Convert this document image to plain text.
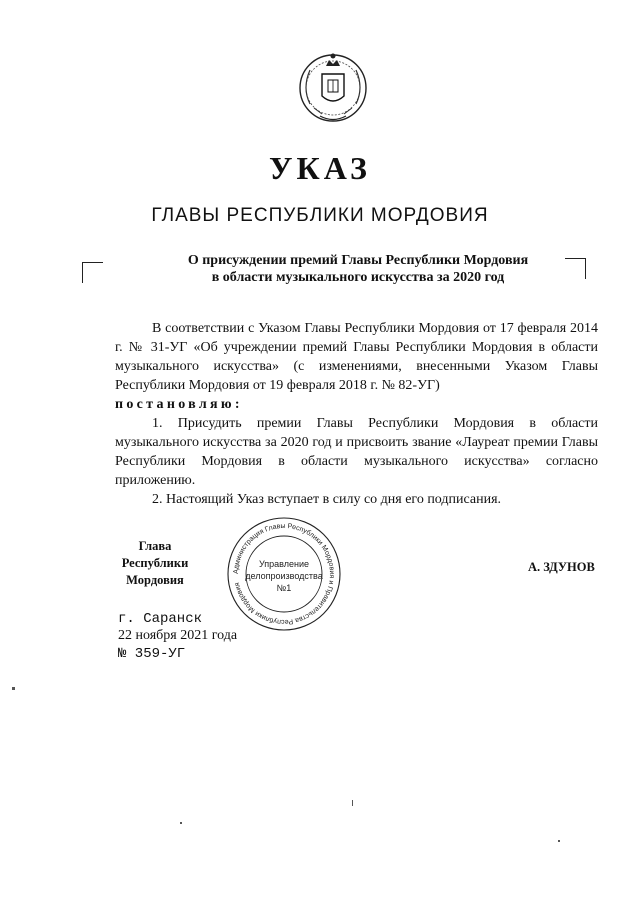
УКАЗ
ГЛАВЫ РЕСПУБЛИКИ МОРДОВИЯ
О присуждении премий Главы Республики Мордовия
в области музыкального искусства за 2020 год

В соответствии с Указом Главы Республики Мордовия от 17 февраля 2014 г. № 31-УГ «Об учреждении премий Главы Республики Мордовия в области музыкального искусства» (с изменениями, внесенными Указом Главы Республики Мордовия от 19 февраля 2018 г. № 82-УГ)

постановляю:

1. Присудить премии Главы Республики Мордовия в области музыкального искусства за 2020 год и присвоить звание «Лауреат премии Главы Республики Мордовия в области музыкального искусства» согласно приложению.

2. Настоящий Указ вступает в силу со дня его подписания.

Глава
Республики Мордовия
Администрация Главы Республики Мордовия и Правительства Республики Мордовия
Управление
делопроизводства
№1
А. ЗДУНОВ
г. Саранск
22 ноября 2021 года
№ 359-УГ
